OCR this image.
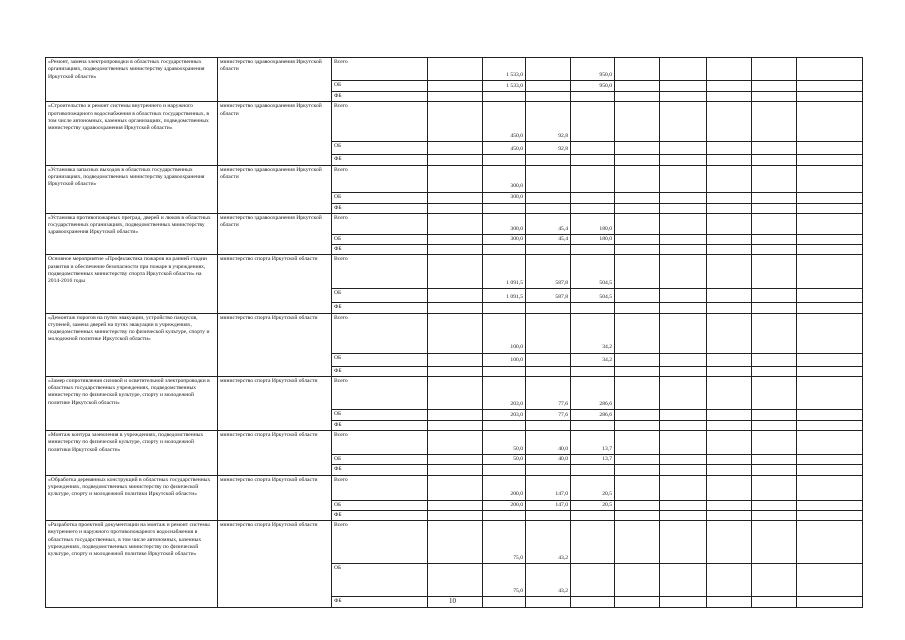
«Ремонт, замена электропроводки в областных государственных организациях, подведомственных министерству здравоохранения Иркутской области»	министерство здравоохранения Иркутской области	Всего		1 533,0		950,0					
		ОБ		1 533,0		950,0					
		ФБ									
«Строительство и ремонт системы внутреннего и наружного противопожарного водоснабжения в областных государственных, в том числе автономных, казенных организациях, подведомственных министерству здравоохранения Иркутской области»	министерство здравоохранения Иркутской области	Всего		450,0	92,8						
		ОБ		450,0	92,8						
		ФБ									
«Установка запасных выходов в областных государственных организациях, подведомственных министерству здравоохранения Иркутской области»	министерство здравоохранения Иркутской области	Всего		300,0							
		ОБ		300,0							
		ФБ									
«Установка противопожарных преград, дверей и люков в областных государственных организациях, подведомственных министерству здравоохранения Иркутской области»	министерство здравоохранения Иркутской области	Всего		300,0	45,4	180,0					
		ОБ		300,0	45,4	180,0					
		ФБ									
Основное мероприятие «Профилактика пожаров на ранней стадии развития и обеспечение безопасности при пожаре в учреждениях, подведомственных министерству спорта Иркутской области» на 2014-2016 годы	министерство спорта Иркутской области	Всего		1 091,5	587,8	504,5					
		ОБ		1 091,5	587,8	504,5					
		ФБ									
«Демонтаж порогов на путях эвакуации, устройство пандусов, ступеней, замена дверей на путях эвакуации в учреждениях, подведомственных министерству по физической культуре, спорту и молодежной политике Иркутской области»	министерство спорта Иркутской области	Всего		100,0		34,2					
		ОБ		100,0		34,2					
		ФБ									
«Замер сопротивления силовой и осветительной электропроводки в областных государственных учреждениях, подведомственных министерству по физической культуре, спорту и молодежной политике Иркутской области»	министерство спорта Иркутской области	Всего		203,0	77,6	286,6					
		ОБ		203,0	77,6	286,6					
		ФБ									
«Монтаж контура заземления в учреждениях, подведомственных министерству по физической культуре, спорту и молодежной политики Иркутской области»	министерство спорта Иркутской области	Всего		50,0	40,0	13,7					
		ОБ		50,0	40,0	13,7					
		ФБ									
«Обработка деревянных конструкций в областных государственных учреждениях, подведомственных министерству по физической культуре, спорту и молодежной политики Иркутской области»	министерство спорта Иркутской области	Всего		200,0	147,0	20,5					
		ОБ		200,0	147,0	20,5					
		ФБ									
«Разработка проектной документации на монтаж и ремонт системы внутреннего и наружного противопожарного водоснабжения в областных государственных, в том числе автономных, казенных учреждениях, подведомственных министерству по физической культуре, спорту и молодежной политике Иркутской области»	министерство спорта Иркутской области	Всего		75,0	43,2						
		ОБ		75,0	43,2						
		ФБ										10
